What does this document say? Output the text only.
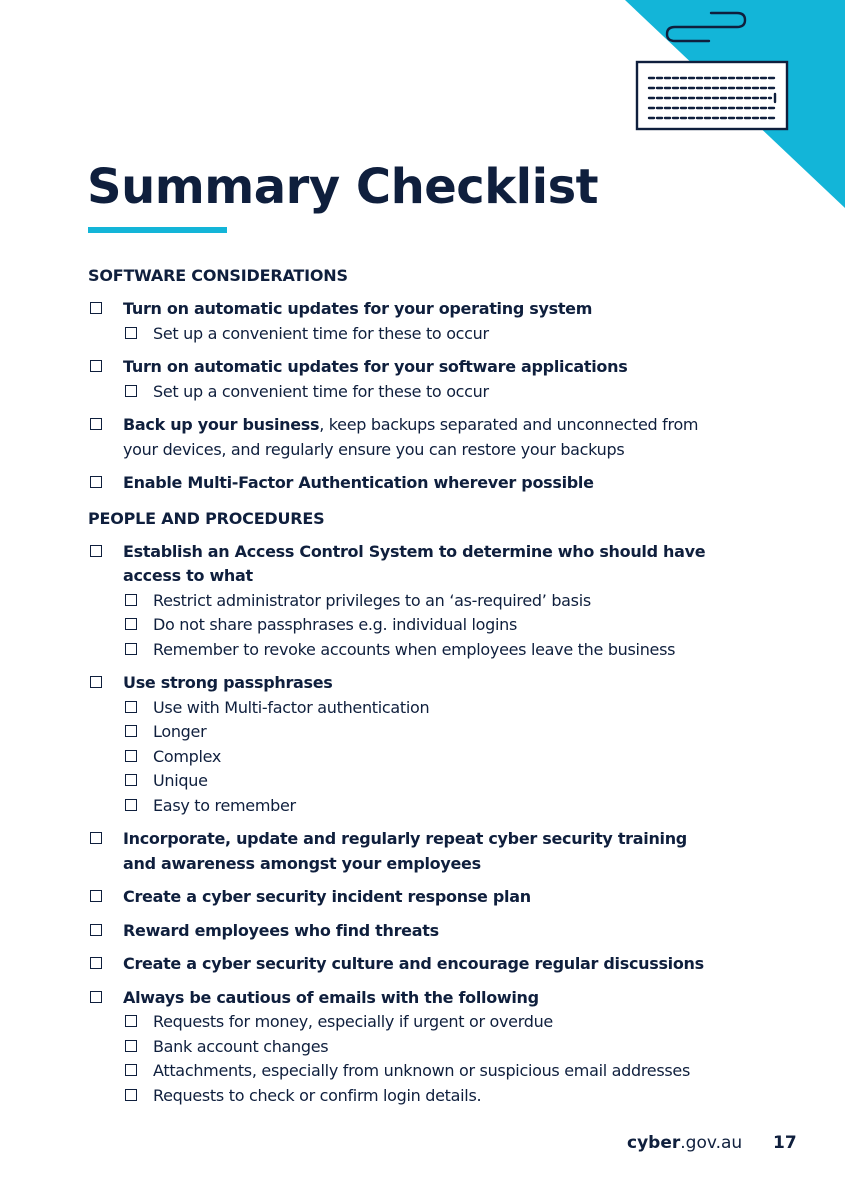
Summary Checklist
SOFTWARE CONSIDERATIONS
Turn on automatic updates for your operating system
Set up a convenient time for these to occur
Turn on automatic updates for your software applications
Set up a convenient time for these to occur
Back up your business, keep backups separated and unconnected from
your devices, and regularly ensure you can restore your backups
Enable Multi-Factor Authentication wherever possible
PEOPLE AND PROCEDURES
Establish an Access Control System to determine who should have
access to what
Restrict administrator privileges to an ‘as-required’ basis
Do not share passphrases e.g. individual logins
Remember to revoke accounts when employees leave the business
Use strong passphrases
Use with Multi-factor authentication
Longer
Complex
Unique
Easy to remember
Incorporate, update and regularly repeat cyber security training
and awareness amongst your employees
Create a cyber security incident response plan
Reward employees who find threats
Create a cyber security culture and encourage regular discussions
Always be cautious of emails with the following
Requests for money, especially if urgent or overdue
Bank account changes
Attachments, especially from unknown or suspicious email addresses
Requests to check or confirm login details.
cyber.gov.au 17
